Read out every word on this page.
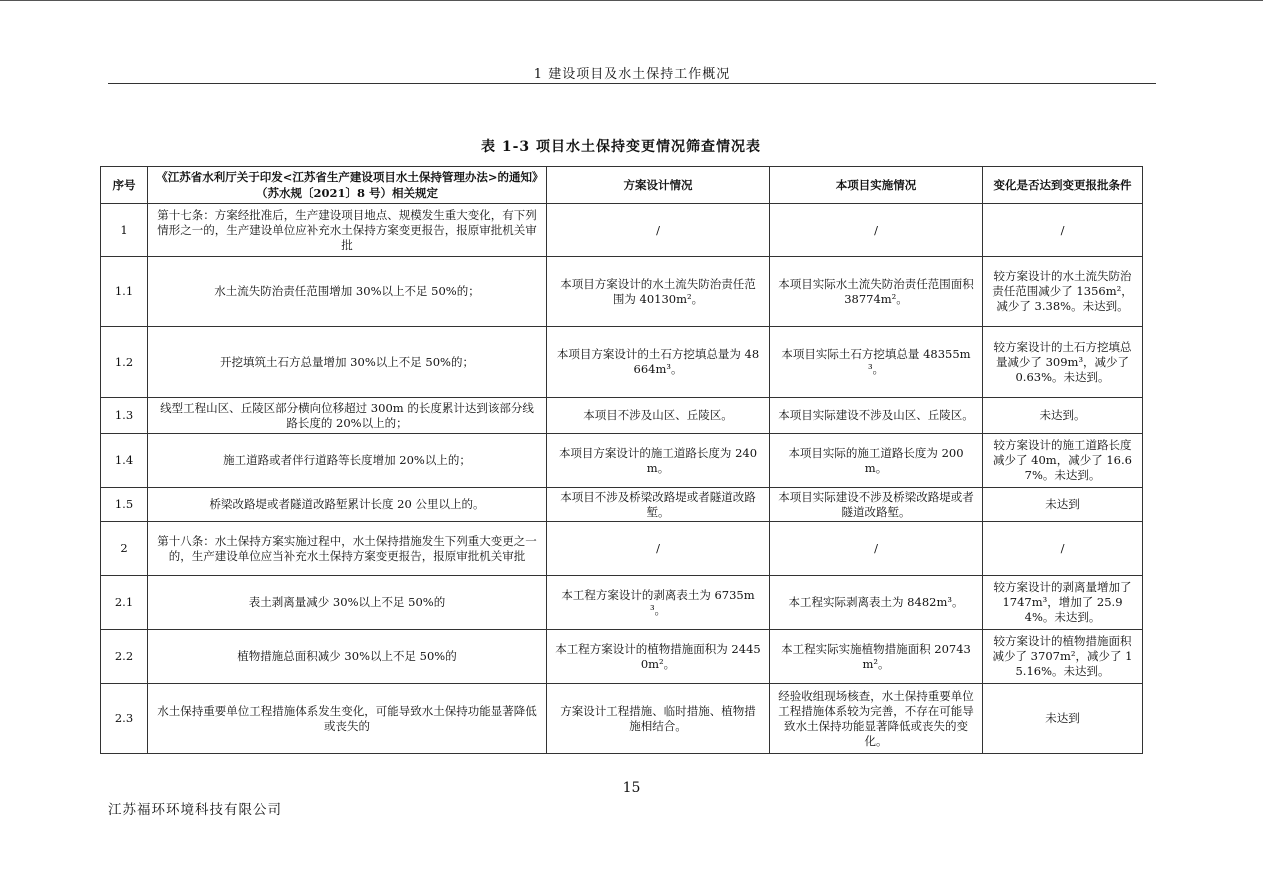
1 建设项目及水土保持工作概况
表 1-3 项目水土保持变更情况筛查情况表
序号	《江苏省水利厅关于印发<江苏省生产建设项目水土保持管理办法>的通知》（苏水规〔2021〕8 号）相关规定	方案设计情况	本项目实施情况	变化是否达到变更报批条件
1	第十七条：方案经批准后，生产建设项目地点、规模发生重大变化，有下列情形之一的，生产建设单位应补充水土保持方案变更报告，报原审批机关审批	/	/	/
1.1	水土流失防治责任范围增加 30%以上不足 50%的；	本项目方案设计的水土流失防治责任范围为 40130m²。	本项目实际水土流失防治责任范围面积 38774m²。	较方案设计的水土流失防治责任范围减少了 1356m²，减少了 3.38%。未达到。
1.2	开挖填筑土石方总量增加 30%以上不足 50%的；	本项目方案设计的土石方挖填总量为 48664m³。	本项目实际土石方挖填总量 48355m³。	较方案设计的土石方挖填总量减少了 309m³，减少了 0.63%。未达到。
1.3	线型工程山区、丘陵区部分横向位移超过 300m 的长度累计达到该部分线路长度的 20%以上的；	本项目不涉及山区、丘陵区。	本项目实际建设不涉及山区、丘陵区。	未达到。
1.4	施工道路或者伴行道路等长度增加 20%以上的；	本项目方案设计的施工道路长度为 240m。	本项目实际的施工道路长度为 200m。	较方案设计的施工道路长度减少了 40m，减少了 16.67%。未达到。
1.5	桥梁改路堤或者隧道改路堑累计长度 20 公里以上的。	本项目不涉及桥梁改路堤或者隧道改路堑。	本项目实际建设不涉及桥梁改路堤或者隧道改路堑。	未达到
2	第十八条：水土保持方案实施过程中，水土保持措施发生下列重大变更之一的，生产建设单位应当补充水土保持方案变更报告，报原审批机关审批	/	/	/
2.1	表土剥离量减少 30%以上不足 50%的	本工程方案设计的剥离表土为 6735m³。	本工程实际剥离表土为 8482m³。	较方案设计的剥离量增加了 1747m³，增加了 25.94%。未达到。
2.2	植物措施总面积减少 30%以上不足 50%的	本工程方案设计的植物措施面积为 24450m²。	本工程实际实施植物措施面积 20743m²。	较方案设计的植物措施面积减少了 3707m²，减少了 15.16%。未达到。
2.3	水土保持重要单位工程措施体系发生变化，可能导致水土保持功能显著降低或丧失的	方案设计工程措施、临时措施、植物措施相结合。	经验收组现场核查，水土保持重要单位工程措施体系较为完善，不存在可能导致水土保持功能显著降低或丧失的变化。	未达到
15
江苏福环环境科技有限公司
